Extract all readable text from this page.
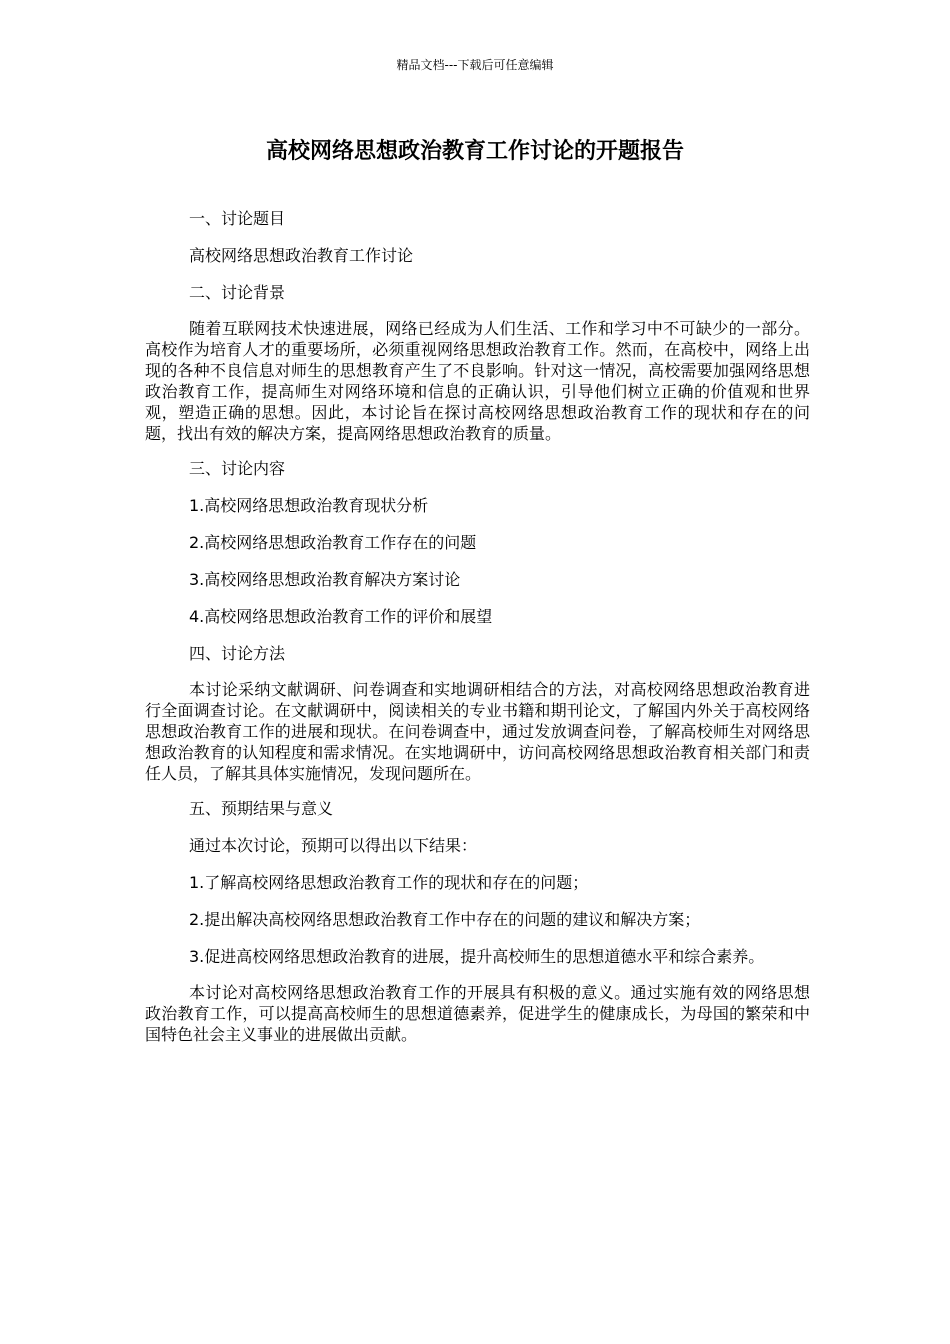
精品文档---下载后可任意编辑
高校网络思想政治教育工作讨论的开题报告
一、讨论题目
高校网络思想政治教育工作讨论
二、讨论背景

随着互联网技术快速进展，网络已经成为人们生活、工作和学习中不可缺少的一部分。高校作为培育人才的重要场所，必须重视网络思想政治教育工作。然而，在高校中，网络上出现的各种不良信息对师生的思想教育产生了不良影响。针对这一情况，高校需要加强网络思想政治教育工作，提高师生对网络环境和信息的正确认识，引导他们树立正确的价值观和世界观，塑造正确的思想。因此，本讨论旨在探讨高校网络思想政治教育工作的现状和存在的问题，找出有效的解决方案，提高网络思想政治教育的质量。

三、讨论内容
1.高校网络思想政治教育现状分析
2.高校网络思想政治教育工作存在的问题
3.高校网络思想政治教育解决方案讨论
4.高校网络思想政治教育工作的评价和展望
四、讨论方法

本讨论采纳文献调研、问卷调查和实地调研相结合的方法，对高校网络思想政治教育进行全面调查讨论。在文献调研中，阅读相关的专业书籍和期刊论文，了解国内外关于高校网络思想政治教育工作的进展和现状。在问卷调查中，通过发放调查问卷，了解高校师生对网络思想政治教育的认知程度和需求情况。在实地调研中，访问高校网络思想政治教育相关部门和责任人员，了解其具体实施情况，发现问题所在。

五、预期结果与意义
通过本次讨论，预期可以得出以下结果：
1.了解高校网络思想政治教育工作的现状和存在的问题；
2.提出解决高校网络思想政治教育工作中存在的问题的建议和解决方案；
3.促进高校网络思想政治教育的进展，提升高校师生的思想道德水平和综合素养。

本讨论对高校网络思想政治教育工作的开展具有积极的意义。通过实施有效的网络思想政治教育工作，可以提高高校师生的思想道德素养，促进学生的健康成长，为母国的繁荣和中国特色社会主义事业的进展做出贡献。
